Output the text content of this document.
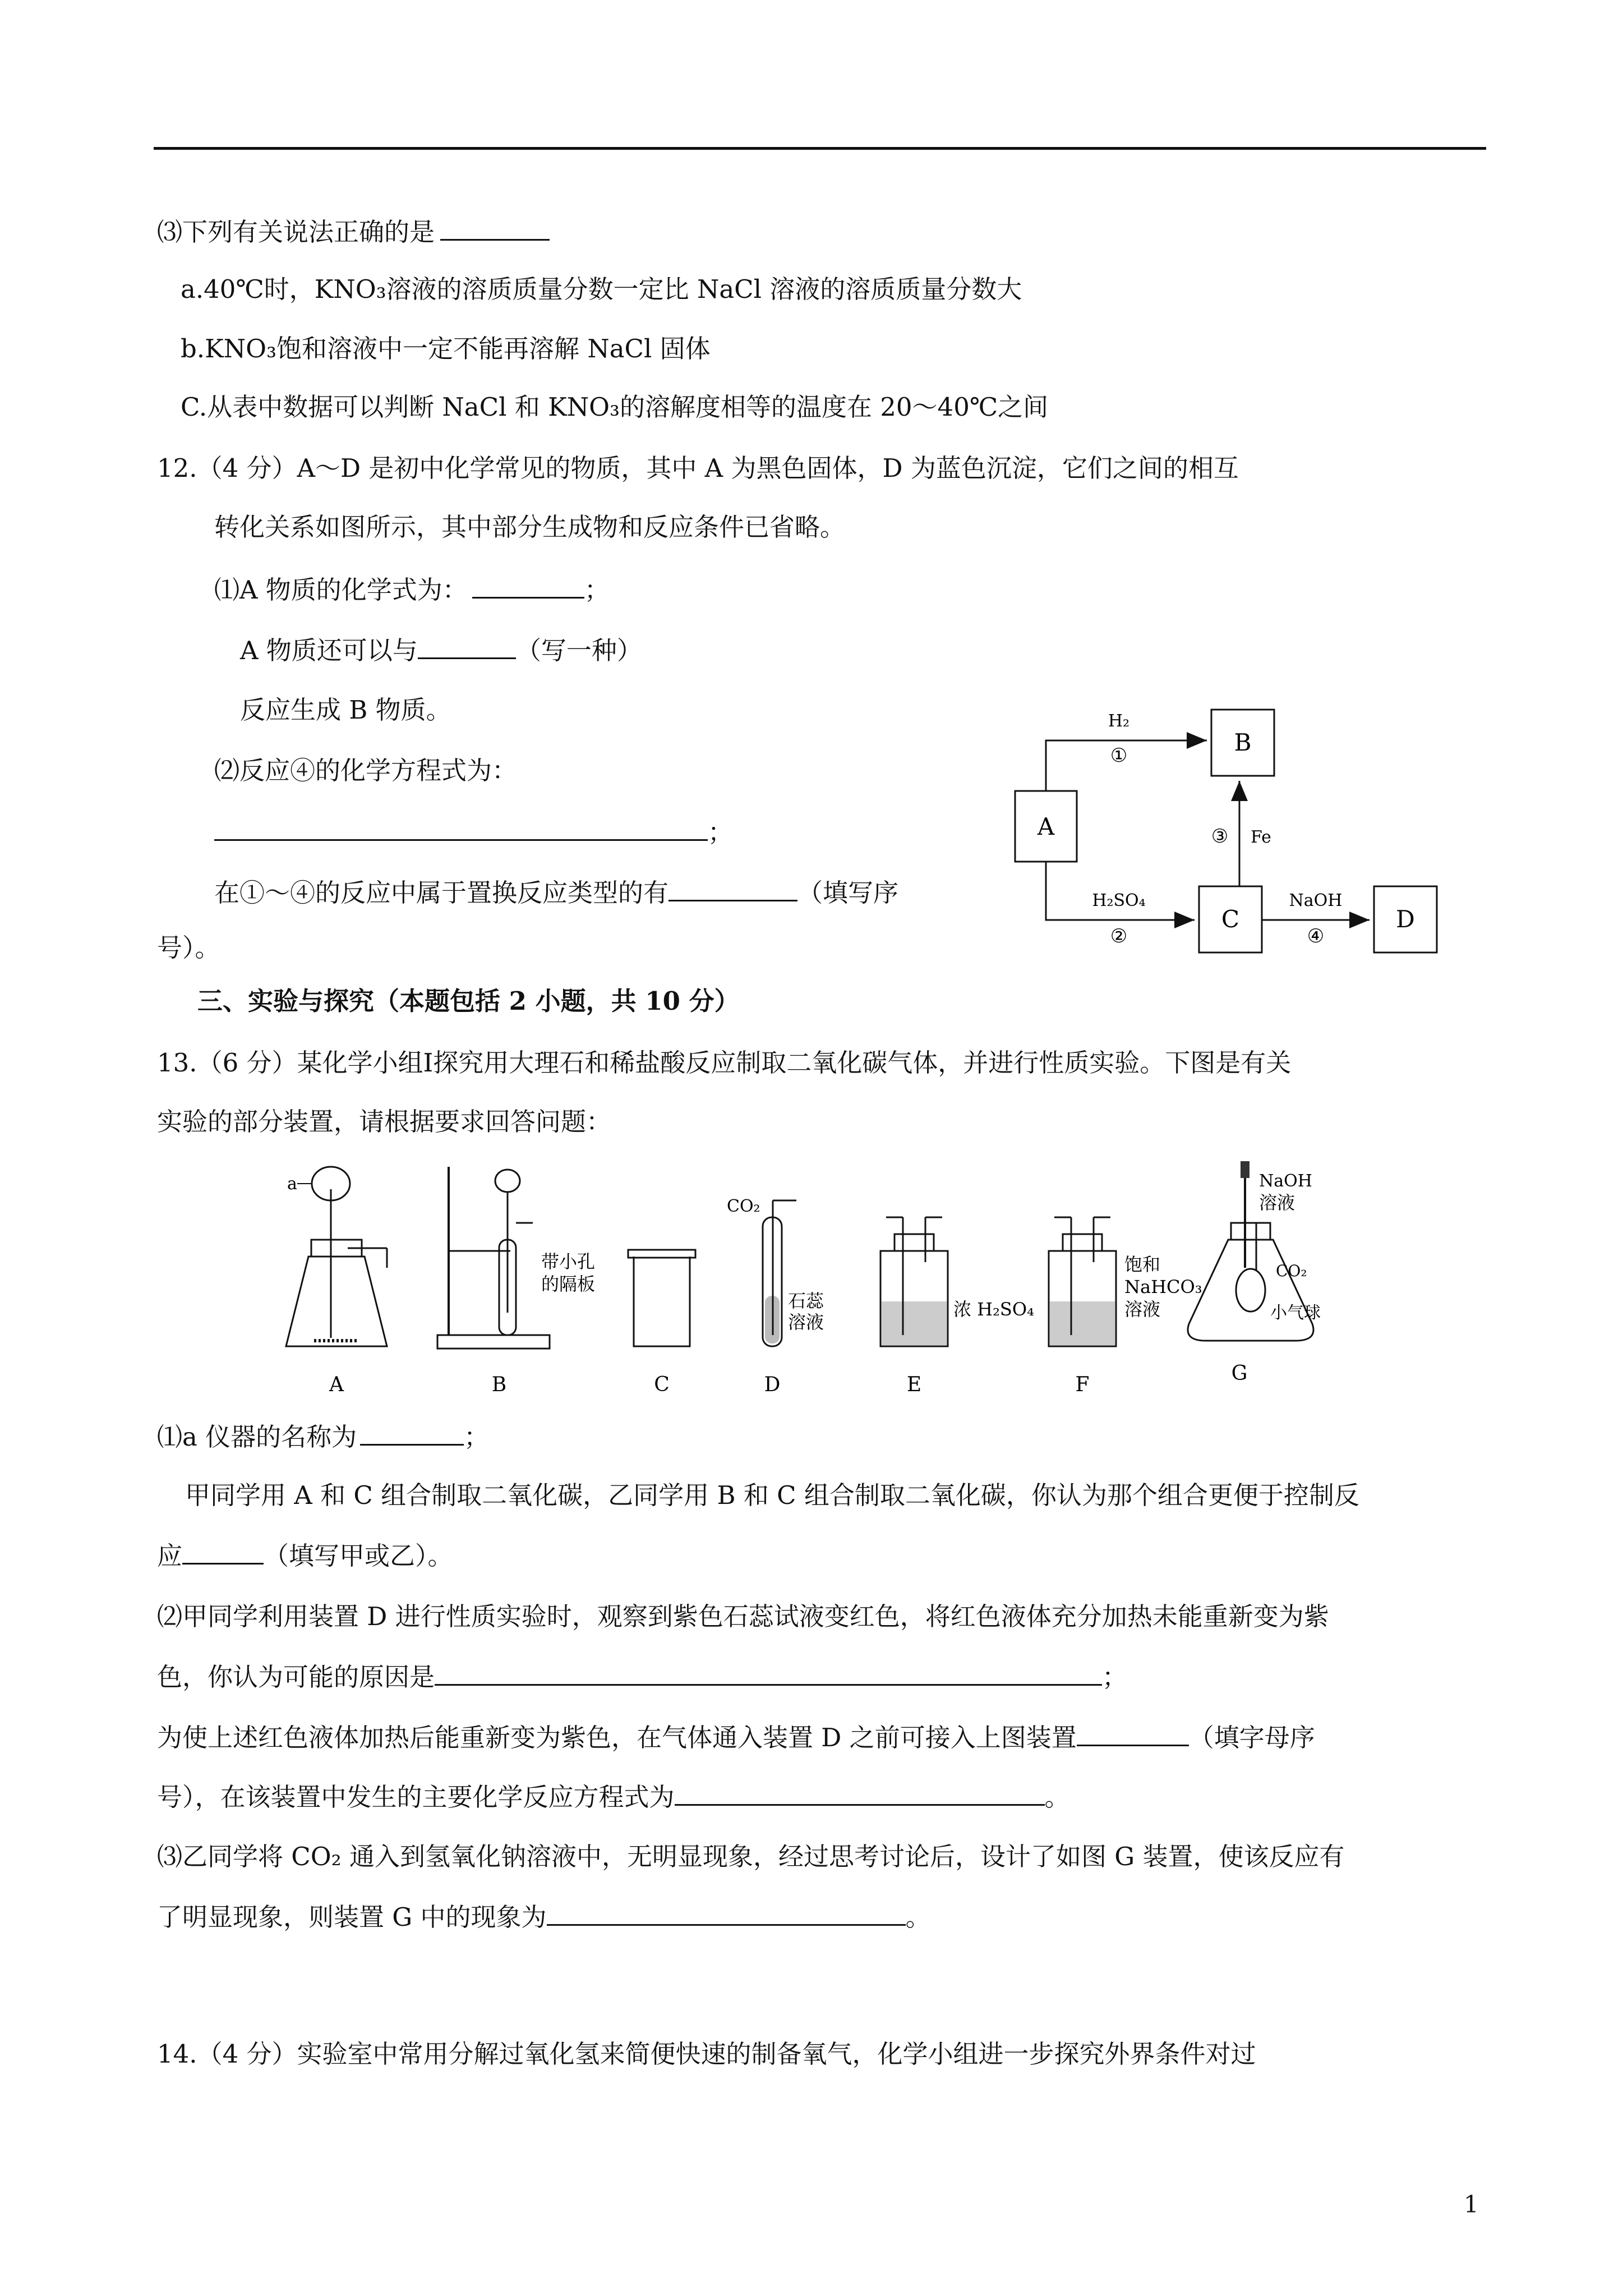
⑶下列有关说法正确的是
a.40℃时，KNO₃溶液的溶质质量分数一定比 NaCl 溶液的溶质质量分数大
b.KNO₃饱和溶液中一定不能再溶解 NaCl 固体
C.从表中数据可以判断 NaCl 和 KNO₃的溶解度相等的温度在 20～40℃之间
12.（4 分）A～D 是初中化学常见的物质，其中 A 为黑色固体，D 为蓝色沉淀，它们之间的相互
转化关系如图所示，其中部分生成物和反应条件已省略。
⑴A 物质的化学式为：	；
A 物质还可以与	（写一种）
反应生成 B 物质。
⑵反应④的化学方程式为：
；
在①～④的反应中属于置换反应类型的有	（填写序
号）。
A
B
C	D
H₂
①
H₂SO₄
②
③ Fe
NaOH
④
三、实验与探究（本题包括 2 小题，共 10 分）
13.（6 分）某化学小组Ⅰ探究用大理石和稀盐酸反应制取二氧化碳气体，并进行性质实验。下图是有关
实验的部分装置，请根据要求回答问题：
a
A
带小孔
的隔板
B	C
CO₂
石蕊
溶液
D
浓 H₂SO₄
E
饱和
NaHCO₃
溶液
F
NaOH
溶液
CO₂
小气球
G
⑴a 仪器的名称为	；
甲同学用 A 和 C 组合制取二氧化碳，乙同学用 B 和 C 组合制取二氧化碳，你认为那个组合更便于控制反
应	（填写甲或乙）。
⑵甲同学利用装置 D 进行性质实验时，观察到紫色石蕊试液变红色，将红色液体充分加热未能重新变为紫
色，你认为可能的原因是	；
为使上述红色液体加热后能重新变为紫色，在气体通入装置 D 之前可接入上图装置	（填字母序
号），在该装置中发生的主要化学反应方程式为	。
⑶乙同学将 CO₂ 通入到氢氧化钠溶液中，无明显现象，经过思考讨论后，设计了如图 G 装置，使该反应有
了明显现象，则装置 G 中的现象为	。
14.（4 分）实验室中常用分解过氧化氢来简便快速的制备氧气，化学小组进一步探究外界条件对过
1
